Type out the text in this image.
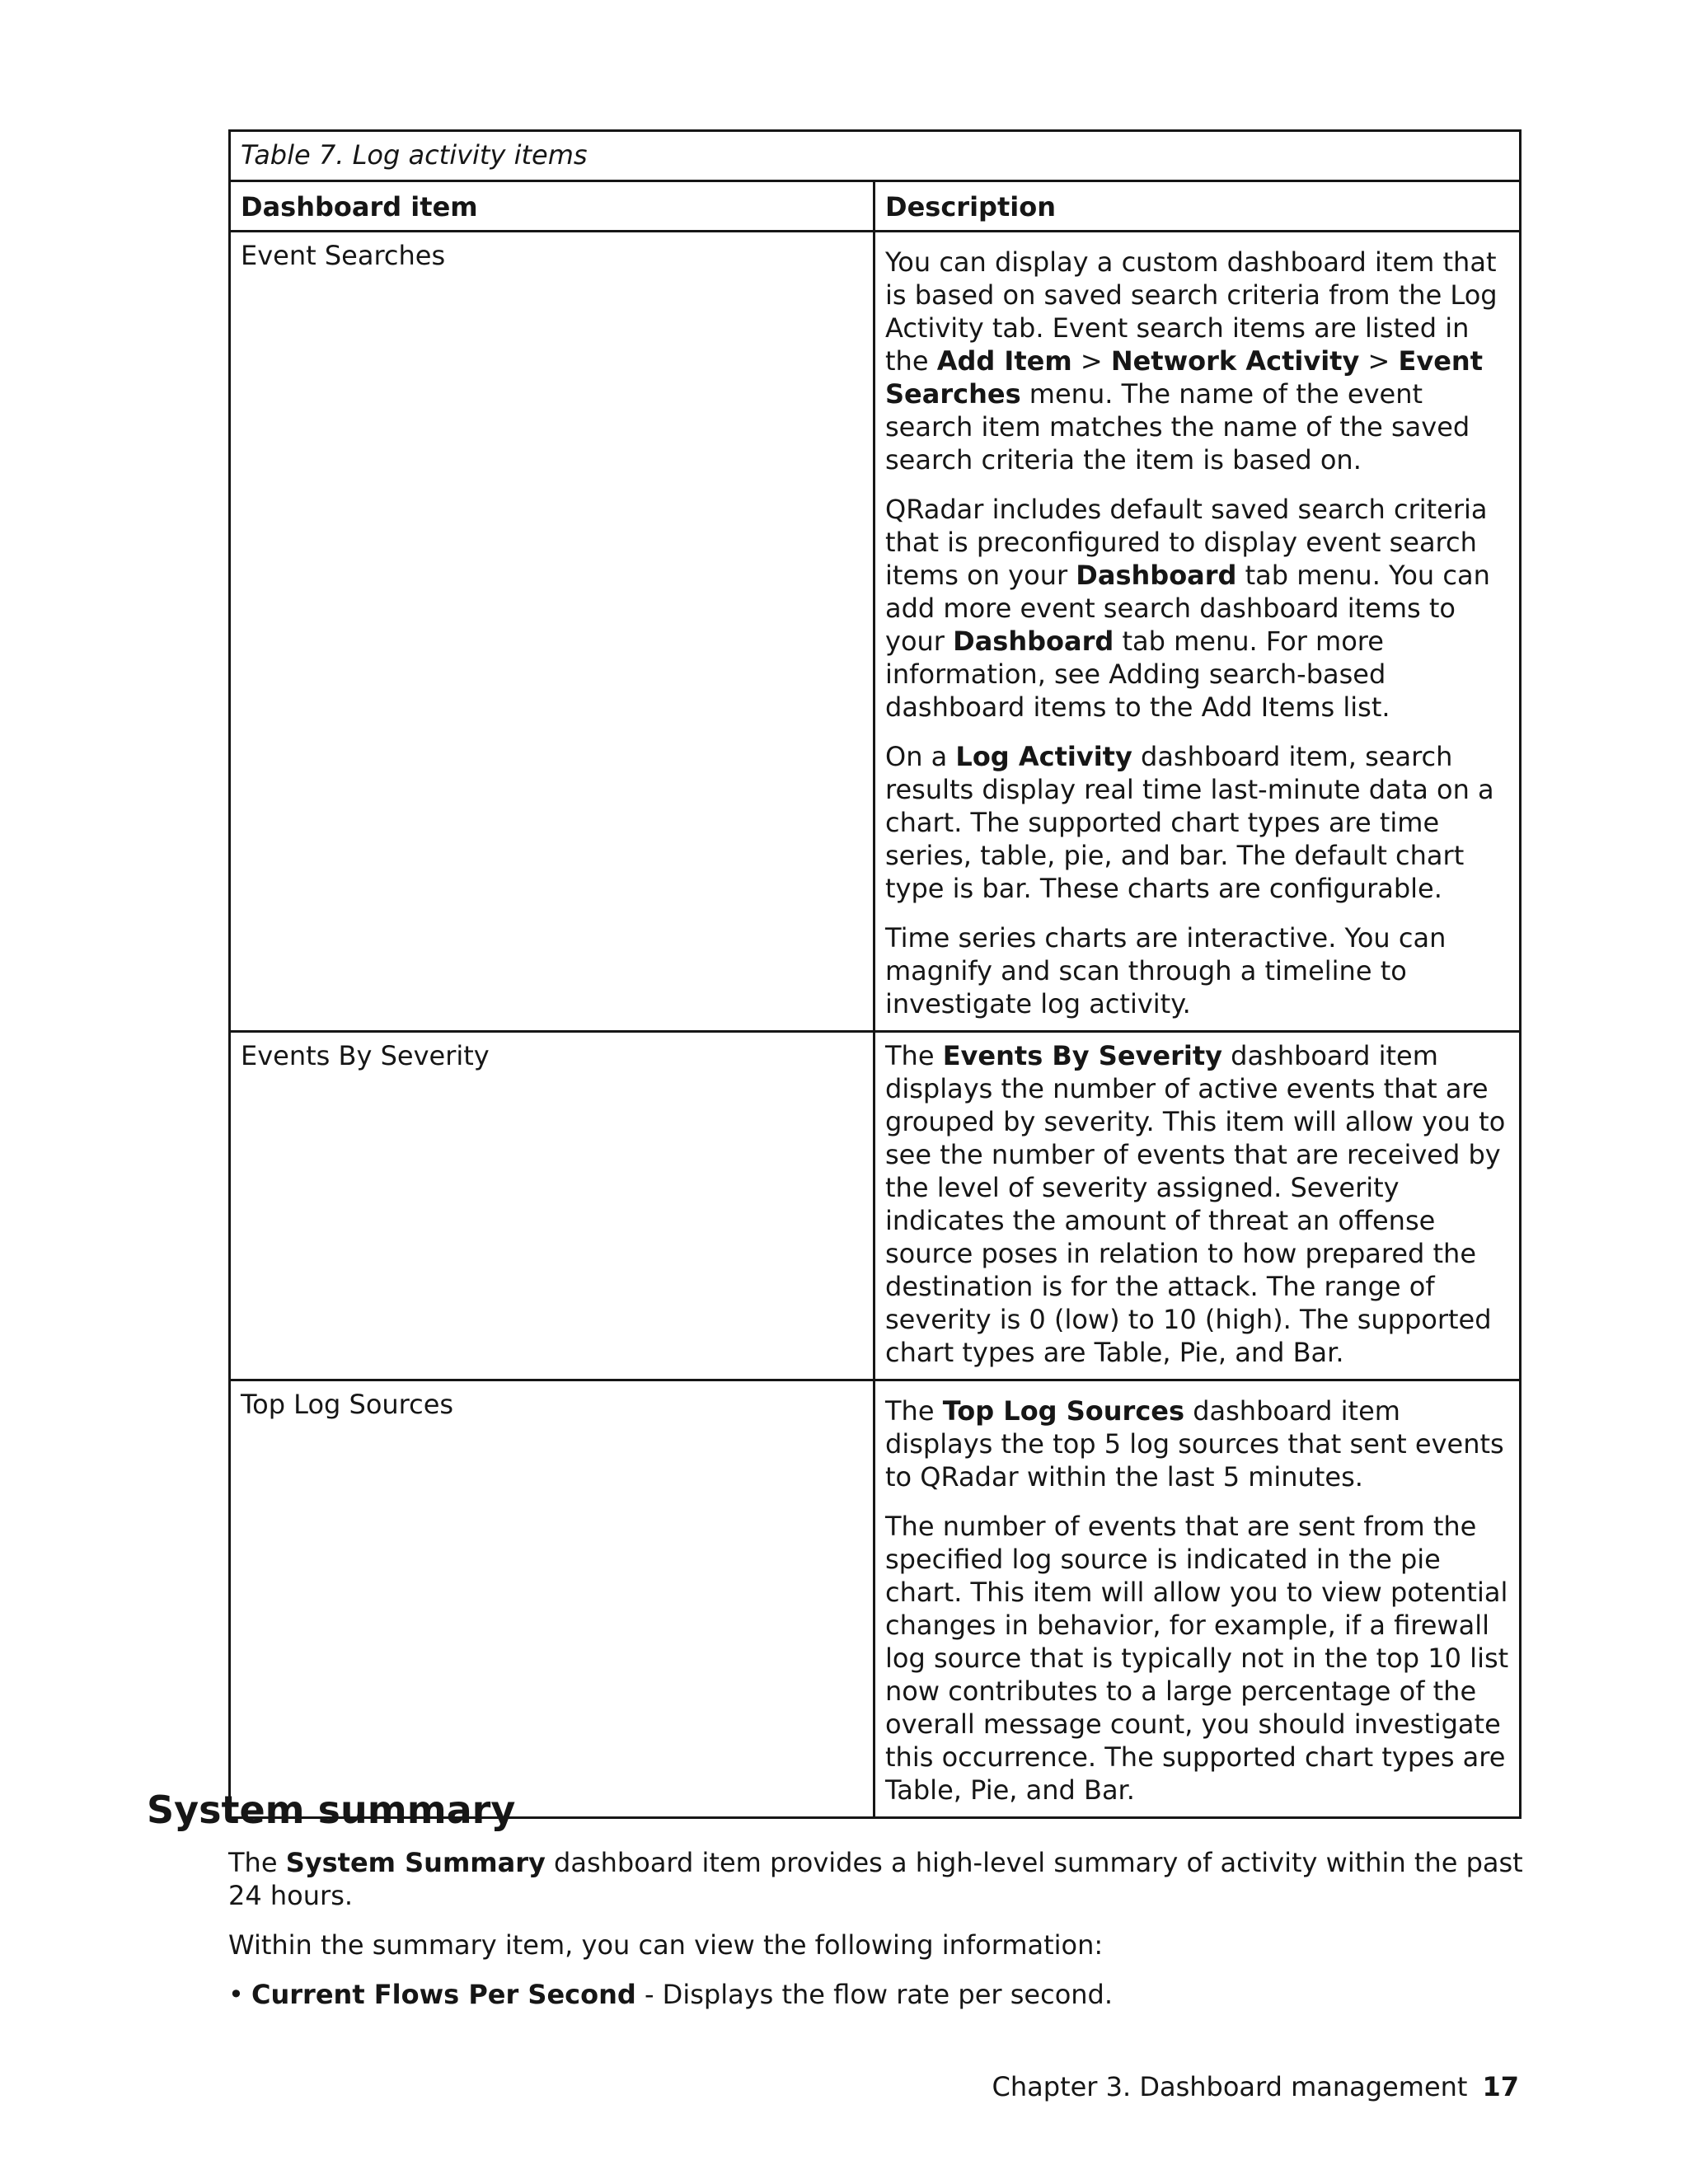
Table 7. Log activity items	
Dashboard item	Description
Event Searches	You can display a custom dashboard item that is based on saved search criteria from the Log Activity tab. Event search items are listed in the Add Item > Network Activity > Event Searches menu. The name of the event search item matches the name of the saved search criteria the item is based on.

QRadar includes default saved search criteria that is preconfigured to display event search items on your Dashboard tab menu. You can add more event search dashboard items to your Dashboard tab menu. For more information, see Adding search-based dashboard items to the Add Items list.

On a Log Activity dashboard item, search results display real time last-minute data on a chart. The supported chart types are time series, table, pie, and bar. The default chart type is bar. These charts are configurable.

Time series charts are interactive. You can magnify and scan through a timeline to investigate log activity.

Events By Severity	The Events By Severity dashboard item displays the number of active events that are grouped by severity. This item will allow you to see the number of events that are received by the level of severity assigned. Severity indicates the amount of threat an offense source poses in relation to how prepared the destination is for the attack. The range of severity is 0 (low) to 10 (high). The supported chart types are Table, Pie, and Bar.

Top Log Sources	The Top Log Sources dashboard item displays the top 5 log sources that sent events to QRadar within the last 5 minutes.

The number of events that are sent from the specified log source is indicated in the pie chart. This item will allow you to view potential changes in behavior, for example, if a firewall log source that is typically not in the top 10 list now contributes to a large percentage of the overall message count, you should investigate this occurrence. The supported chart types are Table, Pie, and Bar.

System summary

The System Summary dashboard item provides a high-level summary of activity within the past 24 hours.

Within the summary item, you can view the following information:

• Current Flows Per Second - Displays the flow rate per second.
Chapter 3. Dashboard management 17
